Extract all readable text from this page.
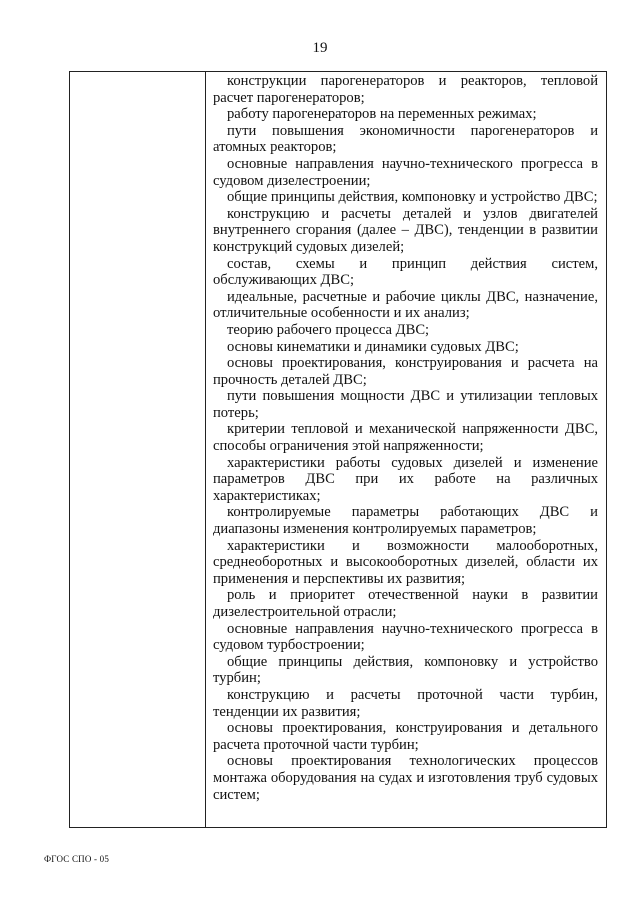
19

конструкции парогенераторов и реакторов, тепловой расчет парогенераторов;

работу парогенераторов на переменных режимах;

пути повышения экономичности парогенераторов и атомных реакторов;

основные направления научно-технического прогресса в судовом дизелестроении;

общие принципы действия, компоновку и устройство ДВС;

конструкцию и расчеты деталей и узлов двигателей внутреннего сгорания (далее – ДВС), тенденции в развитии конструкций судовых дизелей;

состав, схемы и принцип действия систем, обслуживающих ДВС;

идеальные, расчетные и рабочие циклы ДВС, назначение, отличительные особенности и их анализ;

теорию рабочего процесса ДВС;

основы кинематики и динамики судовых ДВС;

основы проектирования, конструирования и расчета на прочность деталей ДВС;

пути повышения мощности ДВС и утилизации тепловых потерь;

критерии тепловой и механической напряженности ДВС, способы ограничения этой напряженности;

характеристики работы судовых дизелей и изменение параметров ДВС при их работе на различных характеристиках;

контролируемые параметры работающих ДВС и диапазоны изменения контролируемых параметров;

характеристики и возможности малооборотных, среднеоборотных и высокооборотных дизелей, области их применения и перспективы их развития;

роль и приоритет отечественной науки в развитии дизелестроительной отрасли;

основные направления научно-технического прогресса в судовом турбостроении;

общие принципы действия, компоновку и устройство турбин;

конструкцию и расчеты проточной части турбин, тенденции их развития;

основы проектирования, конструирования и детального расчета проточной части турбин;

основы проектирования технологических процессов монтажа оборудования на судах и изготовления труб судовых систем;

ФГОС СПО - 05
